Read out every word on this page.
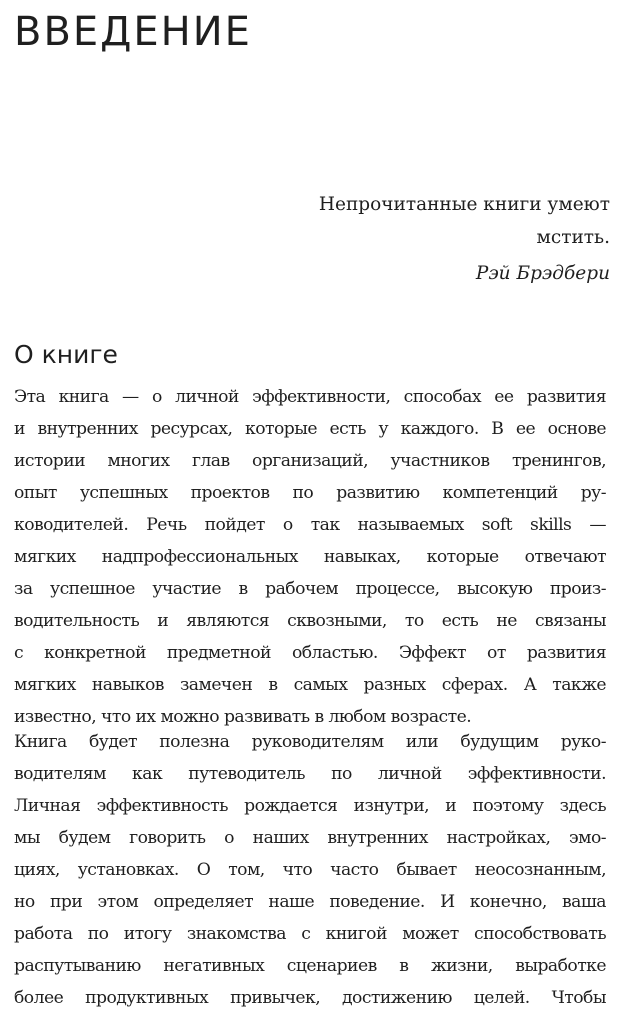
ВВЕДЕНИЕ
Непрочитанные книги умеют
мстить.
Рэй Брэдбери
О книге
Эта книга — о личной эффективности, способах ее развития
и внутренних ресурсах, которые есть у каждого. В ее основе
истории многих глав организаций, участников тренингов,
опыт успешных проектов по развитию компетенций ру-
ководителей. Речь пойдет о так называемых soft skills —
мягких надпрофессиональных навыках, которые отвечают
за успешное участие в рабочем процессе, высокую произ-
водительность и являются сквозными, то есть не связаны
с конкретной предметной областью. Эффект от развития
мягких навыков замечен в самых разных сферах. А также
известно, что их можно развивать в любом возрасте.
Книга будет полезна руководителям или будущим руко-
водителям как путеводитель по личной эффективности.
Личная эффективность рождается изнутри, и поэтому здесь
мы будем говорить о наших внутренних настройках, эмо-
циях, установках. О том, что часто бывает неосознанным,
но при этом определяет наше поведение. И конечно, ваша
работа по итогу знакомства с книгой может способствовать
распутыванию негативных сценариев в жизни, выработке
более продуктивных привычек, достижению целей. Чтобы
